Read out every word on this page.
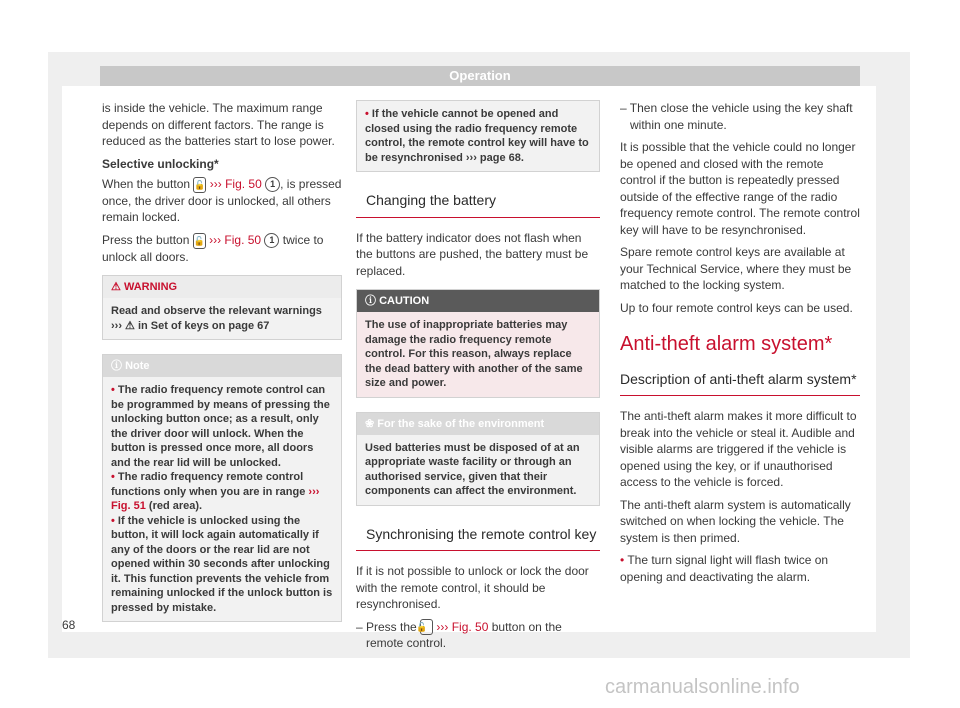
Operation

is inside the vehicle. The maximum range depends on different factors. The range is reduced as the batteries start to lose power.

Selective unlocking*

When the button 🔓 ››› Fig. 50 1 , is pressed once, the driver door is unlocked, all others remain locked.

Press the button 🔓 ››› Fig. 50 1 twice to unlock all doors.

⚠ WARNING
Read and observe the relevant warnings ››› ⚠ in Set of keys on page 67
ⓘ Note
• The radio frequency remote control can be programmed by means of pressing the unlocking button once; as a result, only the driver door will unlock. When the button is pressed once more, all doors and the rear lid will be unlocked.
• The radio frequency remote control functions only when you are in range ››› Fig. 51 (red area).
• If the vehicle is unlocked using the button, it will lock again automatically if any of the doors or the rear lid are not opened within 30 seconds after unlocking it. This function prevents the vehicle from remaining unlocked if the unlock button is pressed by mistake.
• If the vehicle cannot be opened and closed using the radio frequency remote control, the remote control key will have to be resynchronised ››› page 68.
Changing the battery

If the battery indicator does not flash when the buttons are pushed, the battery must be replaced.

ⓘ CAUTION
The use of inappropriate batteries may damage the radio frequency remote control. For this reason, always replace the dead battery with another of the same size and power.
❀ For the sake of the environment
Used batteries must be disposed of at an appropriate waste facility or through an authorised service, given that their components can affect the environment.
Synchronising the remote control key

If it is not possible to unlock or lock the door with the remote control, it should be resynchronised.

– Press the 🔓 ››› Fig. 50 button on the remote control.

– Then close the vehicle using the key shaft within one minute.

It is possible that the vehicle could no longer be opened and closed with the remote control if the button is repeatedly pressed outside of the effective range of the radio frequency remote control. The remote control key will have to be resynchronised.

Spare remote control keys are available at your Technical Service, where they must be matched to the locking system.

Up to four remote control keys can be used.

Anti-theft alarm system*
Description of anti-theft alarm system*

The anti-theft alarm makes it more difficult to break into the vehicle or steal it. Audible and visible alarms are triggered if the vehicle is opened using the key, or if unauthorised access to the vehicle is forced.

The anti-theft alarm system is automatically switched on when locking the vehicle. The system is then primed.

• The turn signal light will flash twice on opening and deactivating the alarm.

68
carmanualsonline.info
